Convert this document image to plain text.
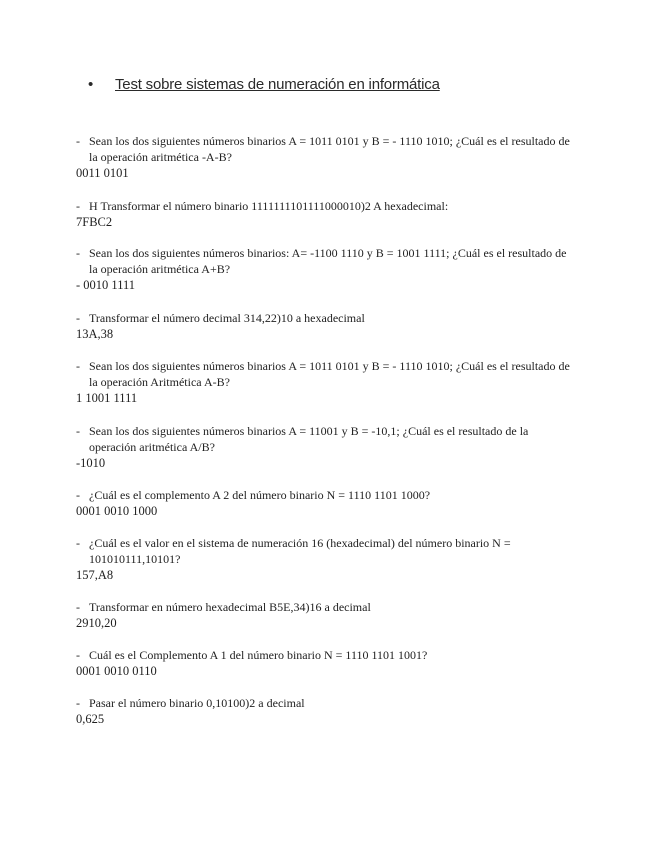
• Test sobre sistemas de numeración en informática
- Sean los dos siguientes números binarios A = 1011 0101 y B = - 1110 1010; ¿Cuál es el resultado de la operación aritmética -A-B?
0011 0101
- H Transformar el número binario 1111111101111000010)2 A hexadecimal:
7FBC2
- Sean los dos siguientes números binarios: A= -1100 1110 y B = 1001 1111; ¿Cuál es el resultado de la operación aritmética A+B?
- 0010 1111
- Transformar el número decimal 314,22)10 a hexadecimal
13A,38
- Sean los dos siguientes números binarios A = 1011 0101 y B = - 1110 1010; ¿Cuál es el resultado de la operación Aritmética A-B?
1 1001 1111
- Sean los dos siguientes números binarios A = 11001 y B = -10,1; ¿Cuál es el resultado de la operación aritmética A/B?
-1010
- ¿Cuál es el complemento A 2 del número binario N = 1110 1101 1000?
0001 0010 1000
- ¿Cuál es el valor en el sistema de numeración 16 (hexadecimal) del número binario N = 101010111,10101?
157,A8
- Transformar en número hexadecimal B5E,34)16 a decimal
2910,20
- Cuál es el Complemento A 1 del número binario N = 1110 1101 1001?
0001 0010 0110
- Pasar el número binario 0,10100)2 a decimal
0,625
